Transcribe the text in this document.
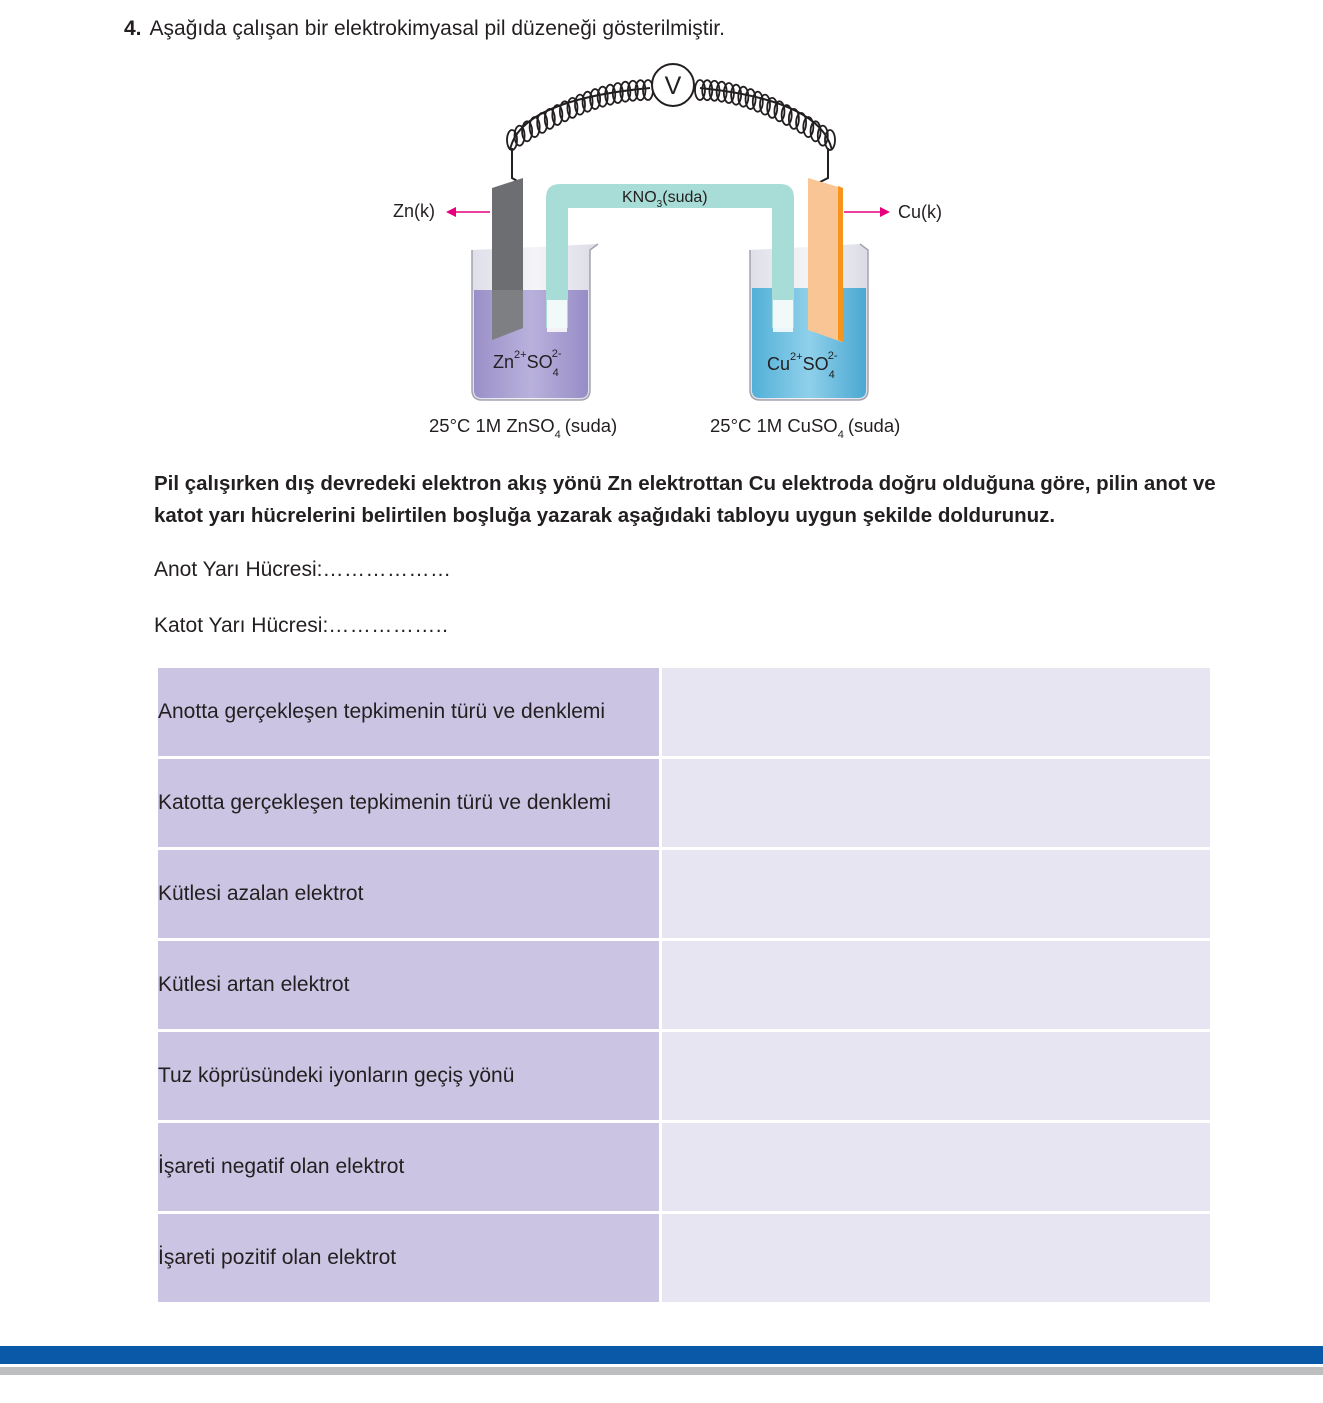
4. Aşağıda çalışan bir elektrokimyasal pil düzeneği gösterilmiştir.
V
$KNO_3(suda)$
Zn(k)	Cu(k)
$Zn^{2+}SO_42-$	$Cu^{2+}SO_42-$
25°C 1M ZnSO$_4$ (suda)	25°C 1M CuSO$_4$ (suda)
Pil çalışırken dış devredeki elektron akış yönü Zn elektrottan Cu elektroda doğru olduğuna göre, pilin anot ve katot yarı hücrelerini belirtilen boşluğa yazarak aşağıdaki tabloyu uygun şekilde doldurunuz.
Anot Yarı Hücresi:………………
Katot Yarı Hücresi:……………..
Anotta gerçekleşen tepkimenin türü ve denklemi	
Katotta gerçekleşen tepkimenin türü ve denklemi	
Kütlesi azalan elektrot	
Kütlesi artan elektrot	
Tuz köprüsündeki iyonların geçiş yönü	
İşareti negatif olan elektrot	
İşareti pozitif olan elektrot	
